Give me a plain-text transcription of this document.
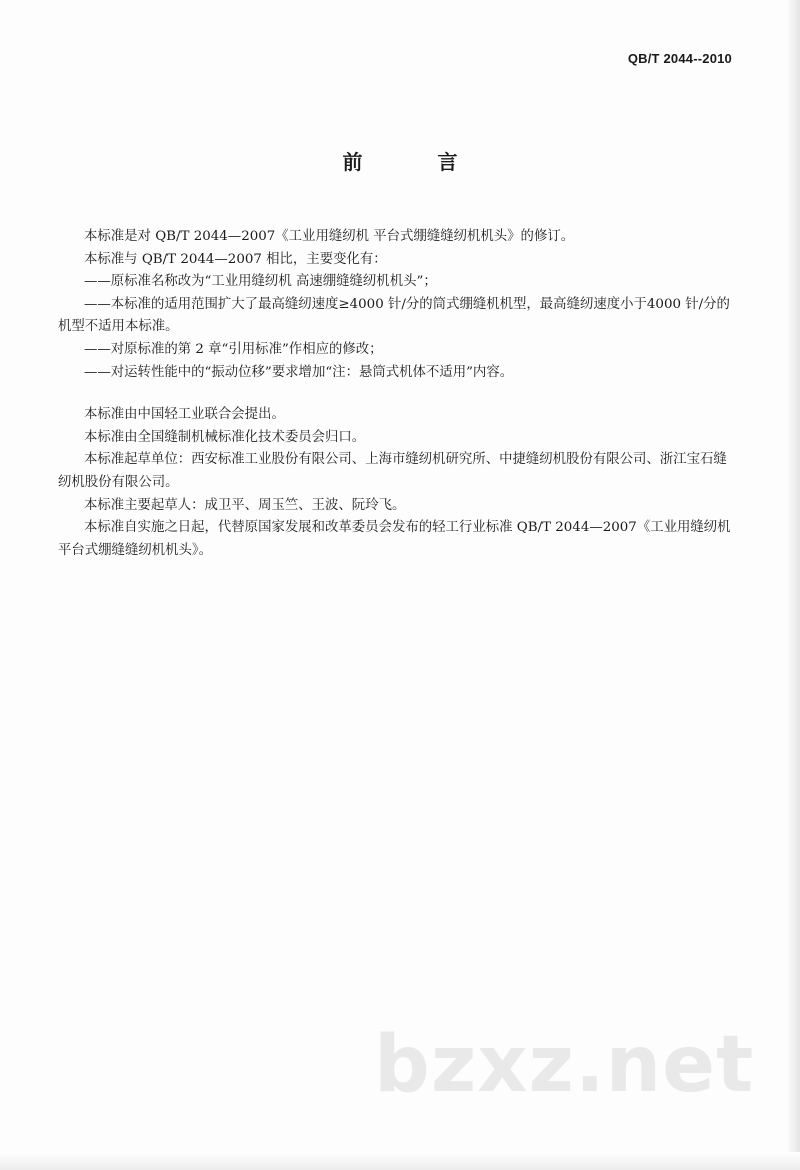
QB/T 2044--2010
前 言

本标准是对 QB/T 2044—2007《工业用缝纫机 平台式绷缝缝纫机机头》的修订。

本标准与 QB/T 2044—2007 相比，主要变化有：

——原标准名称改为“工业用缝纫机 高速绷缝缝纫机机头”；

——本标准的适用范围扩大了最高缝纫速度≥4000 针/分的筒式绷缝机机型，最高缝纫速度小于4000 针/分的机型不适用本标准。

——对原标准的第 2 章“引用标准”作相应的修改；

——对运转性能中的“振动位移”要求增加“注：悬筒式机体不适用”内容。

本标准由中国轻工业联合会提出。

本标准由全国缝制机械标准化技术委员会归口。

本标准起草单位：西安标准工业股份有限公司、上海市缝纫机研究所、中捷缝纫机股份有限公司、浙江宝石缝纫机股份有限公司。

本标准主要起草人：成卫平、周玉竺、王波、阮玲飞。

本标准自实施之日起，代替原国家发展和改革委员会发布的轻工行业标准 QB/T 2044—2007《工业用缝纫机 平台式绷缝缝纫机机头》。

bzxz.net
